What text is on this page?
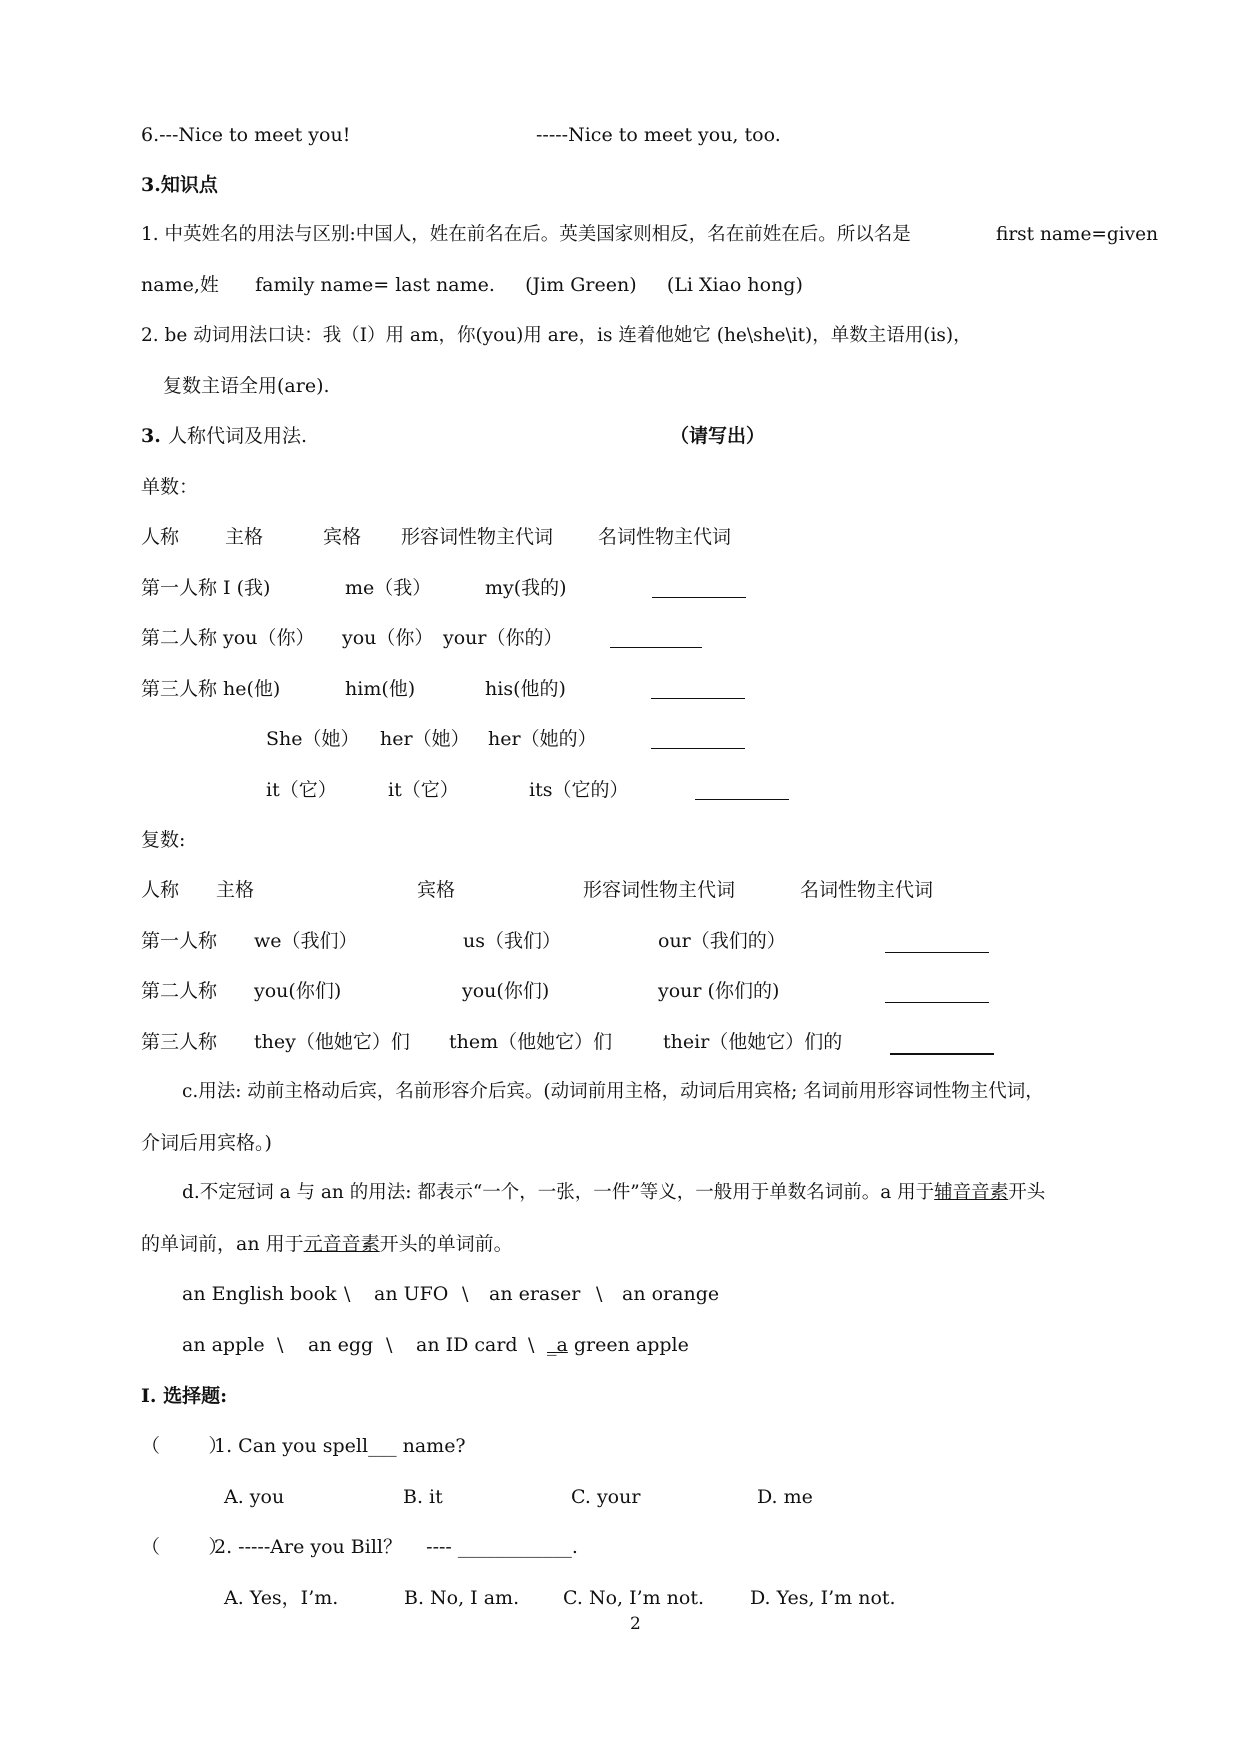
6.---Nice to meet you!	-----Nice to meet you, too.
3.知识点
1. 中英姓名的用法与区别:中国人，姓在前名在后。英美国家则相反，名在前姓在后。所以名是	first name=given
name,姓      family name= last name.     (Jim Green)     (Li Xiao hong)
2. be 动词用法口诀：我（I）用 am，你(you)用 are，is 连着他她它 (he\she\it)，单数主语用(is)，
复数主语全用(are).
3. 人称代词及用法.	（请写出）
单数：
人称 主格	宾格 形容词性物主代词 名词性物主代词
第一人称 I (我)	me（我）	my(我的)
第二人称 you（你） you（你） your（你的）
第三人称 he(他)	him(他)	his(他的)
She（她） her（她） her（她的）
it（它）	it（它）	its（它的）
复数:
人称 主格	宾格	形容词性物主代词	名词性物主代词
第一人称 we（我们）	us（我们）	our（我们的）
第二人称 you(你们)	you(你们)	your (你们的)
第三人称 they（他她它）们 them（他她它）们	their（他她它）们的
c.用法: 动前主格动后宾，名前形容介后宾。(动词前用主格，动词后用宾格; 名词前用形容词性物主代词，
介词后用宾格。)
d.不定冠词 a 与 an 的用法: 都表示“一个，一张，一件”等义，一般用于单数名词前。a 用于辅音音素开头
的单词前，an 用于元音音素开头的单词前。
an English book \ an UFO \ an eraser \ an orange
an apple \ an egg \ an ID card \ _a green apple
I. 选择题:
（        ）
1. Can you spell___ name?
A. you	B. it	C. your	D. me
（        ）
2. -----Are you Bill？    ---- ____________.
A. Yes，I’m.	B. No, I am. C. No, I’m not. D. Yes, I’m not.
2
